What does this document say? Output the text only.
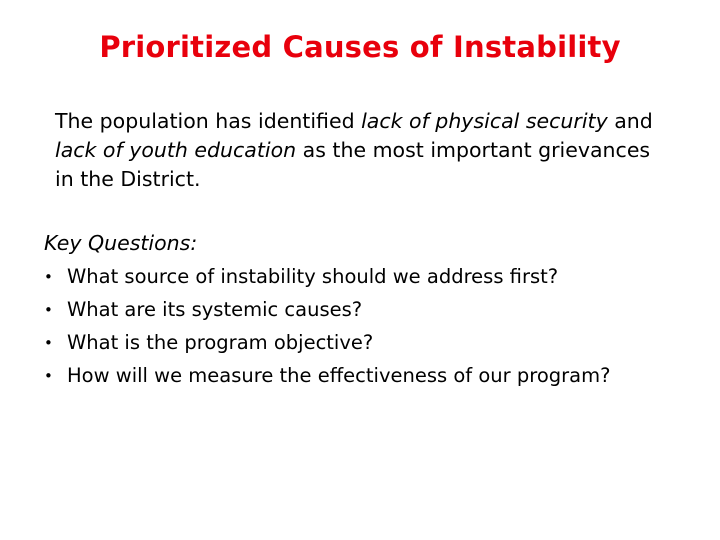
Prioritized Causes of Instability
The population has identified lack of physical security and lack of youth education as the most important grievances in the District.
Key Questions:
• What source of instability should we address first?
• What are its systemic causes?
• What is the program objective?
• How will we measure the effectiveness of our program?
